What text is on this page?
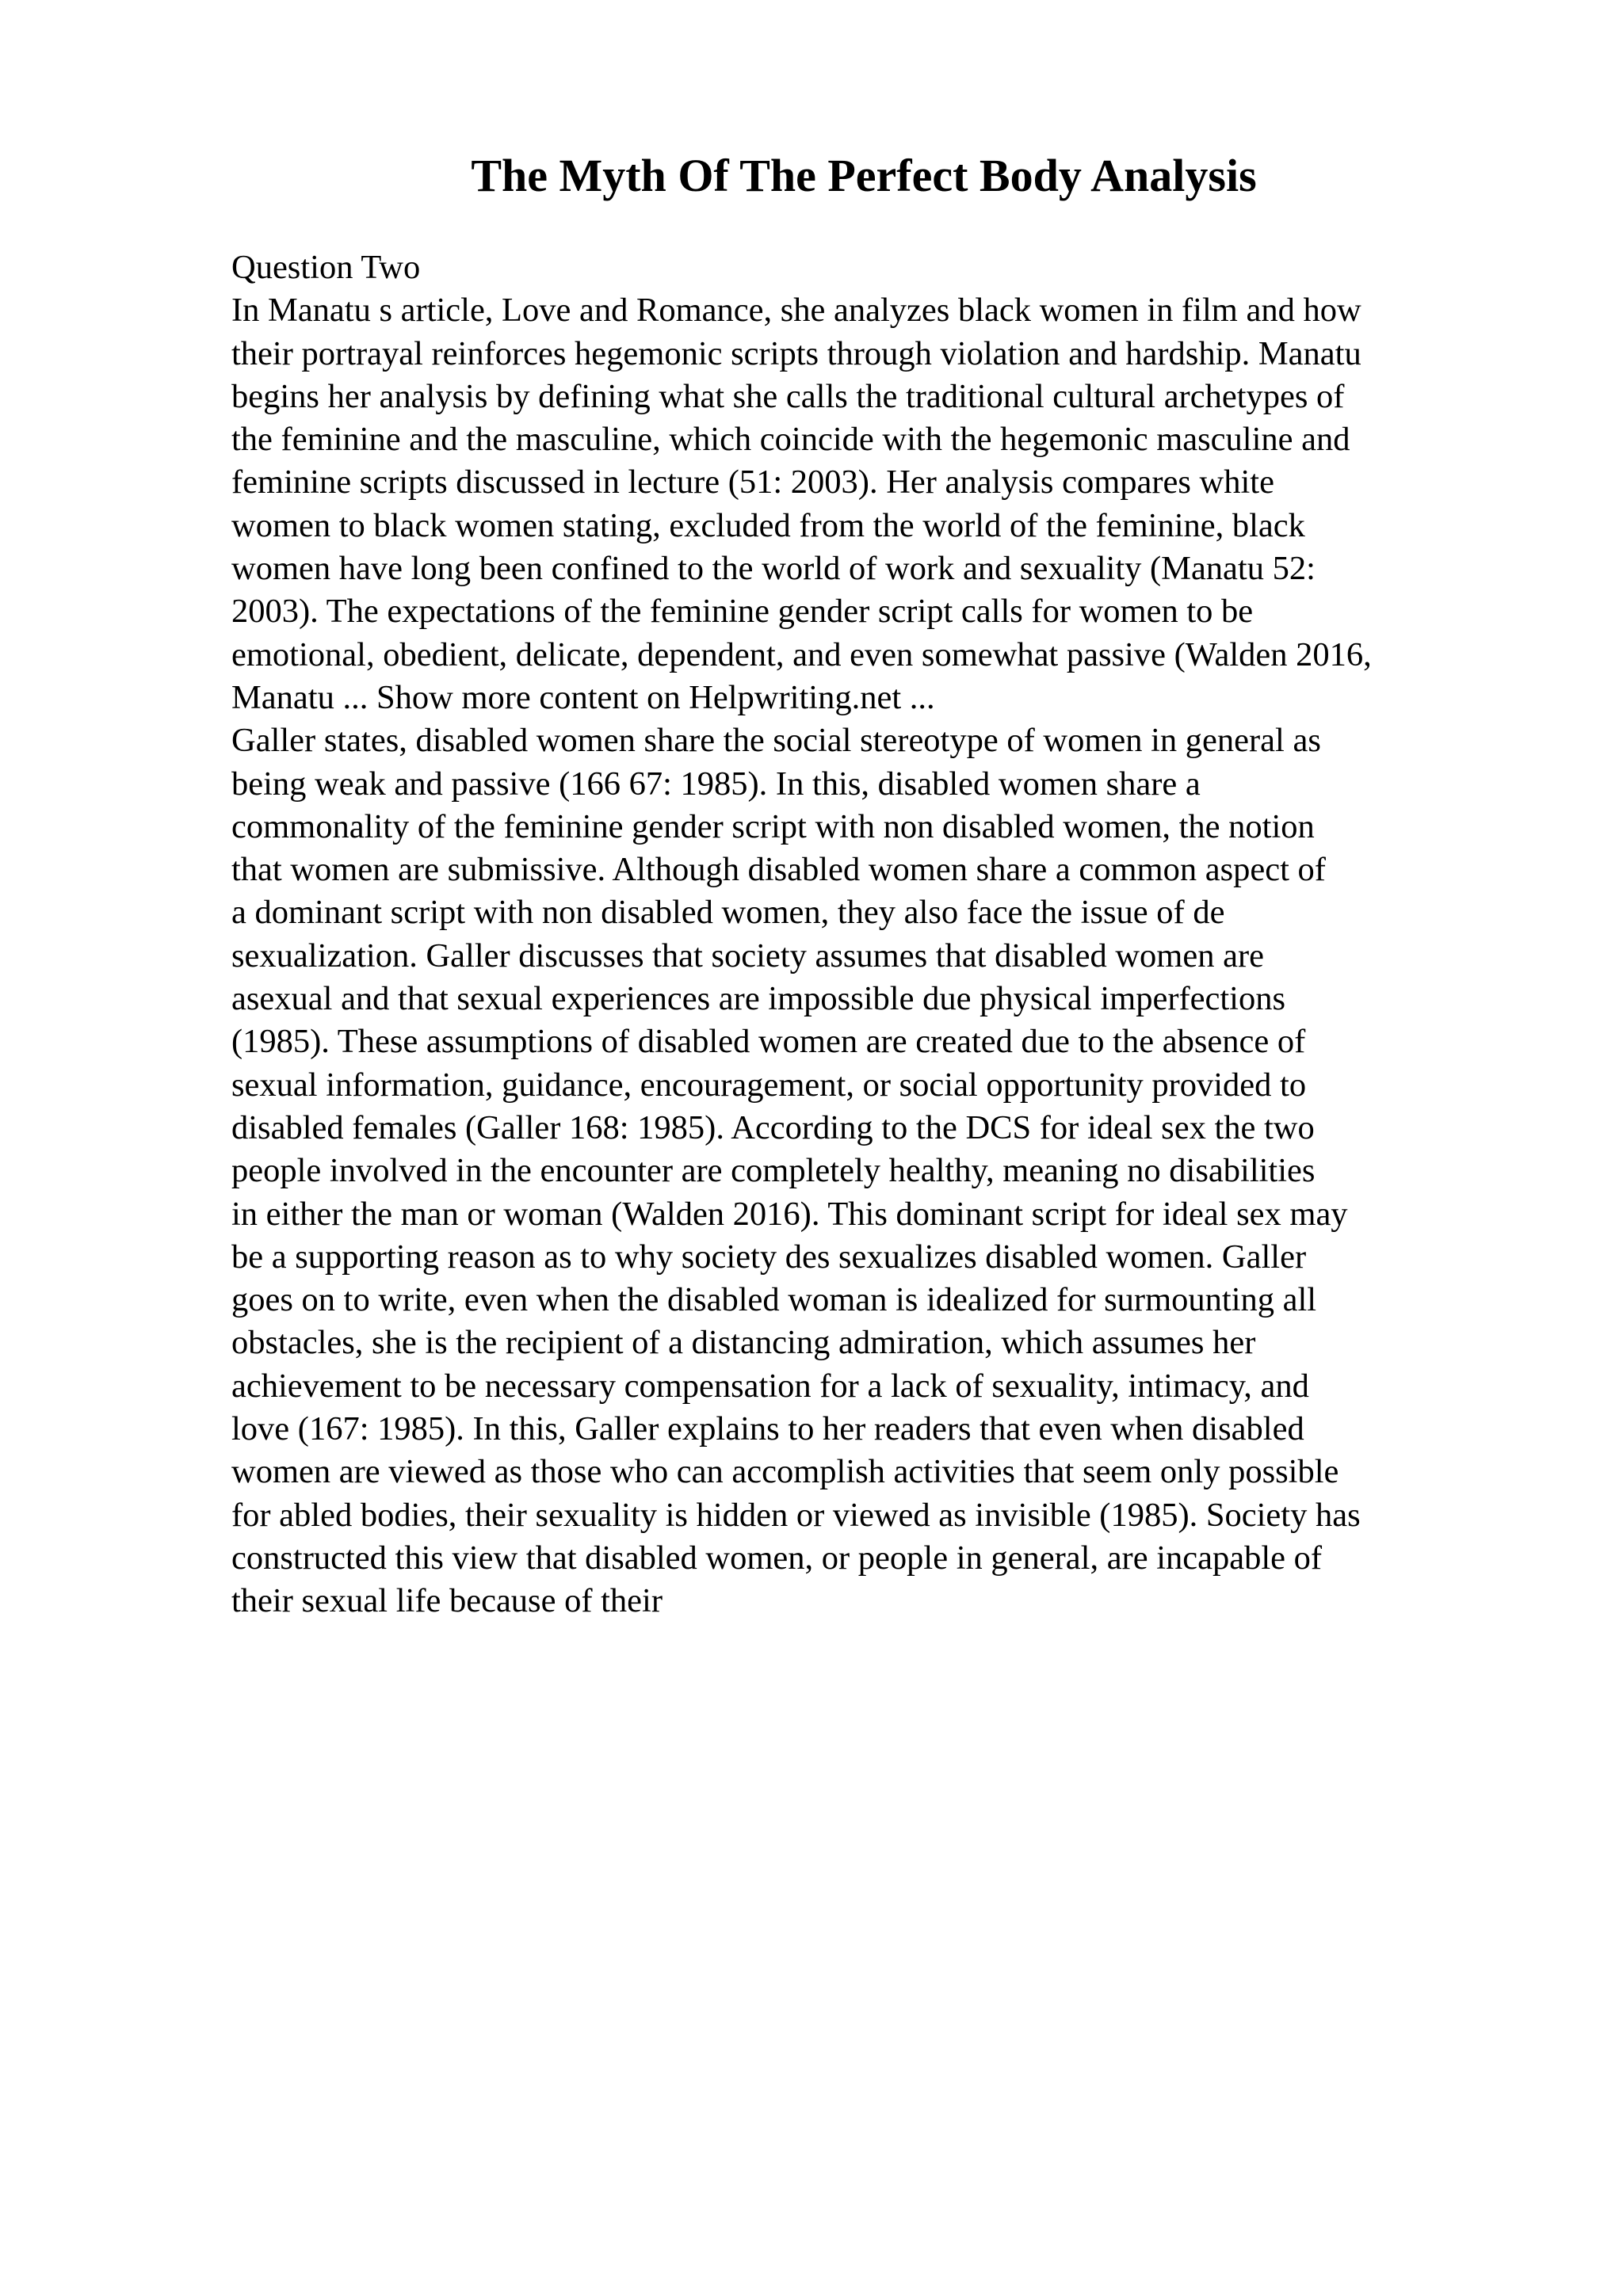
The Myth Of The Perfect Body Analysis
Question Two
In Manatu s article, Love and Romance, she analyzes black women in film and how
their portrayal reinforces hegemonic scripts through violation and hardship. Manatu
begins her analysis by defining what she calls the traditional cultural archetypes of
the feminine and the masculine, which coincide with the hegemonic masculine and
feminine scripts discussed in lecture (51: 2003). Her analysis compares white
women to black women stating, excluded from the world of the feminine, black
women have long been confined to the world of work and sexuality (Manatu 52:
2003). The expectations of the feminine gender script calls for women to be
emotional, obedient, delicate, dependent, and even somewhat passive (Walden 2016,
Manatu ... Show more content on Helpwriting.net ...
Galler states, disabled women share the social stereotype of women in general as
being weak and passive (166 67: 1985). In this, disabled women share a
commonality of the feminine gender script with non disabled women, the notion
that women are submissive. Although disabled women share a common aspect of
a dominant script with non disabled women, they also face the issue of de
sexualization. Galler discusses that society assumes that disabled women are
asexual and that sexual experiences are impossible due physical imperfections
(1985). These assumptions of disabled women are created due to the absence of
sexual information, guidance, encouragement, or social opportunity provided to
disabled females (Galler 168: 1985). According to the DCS for ideal sex the two
people involved in the encounter are completely healthy, meaning no disabilities
in either the man or woman (Walden 2016). This dominant script for ideal sex may
be a supporting reason as to why society des sexualizes disabled women. Galler
goes on to write, even when the disabled woman is idealized for surmounting all
obstacles, she is the recipient of a distancing admiration, which assumes her
achievement to be necessary compensation for a lack of sexuality, intimacy, and
love (167: 1985). In this, Galler explains to her readers that even when disabled
women are viewed as those who can accomplish activities that seem only possible
for abled bodies, their sexuality is hidden or viewed as invisible (1985). Society has
constructed this view that disabled women, or people in general, are incapable of
their sexual life because of their
